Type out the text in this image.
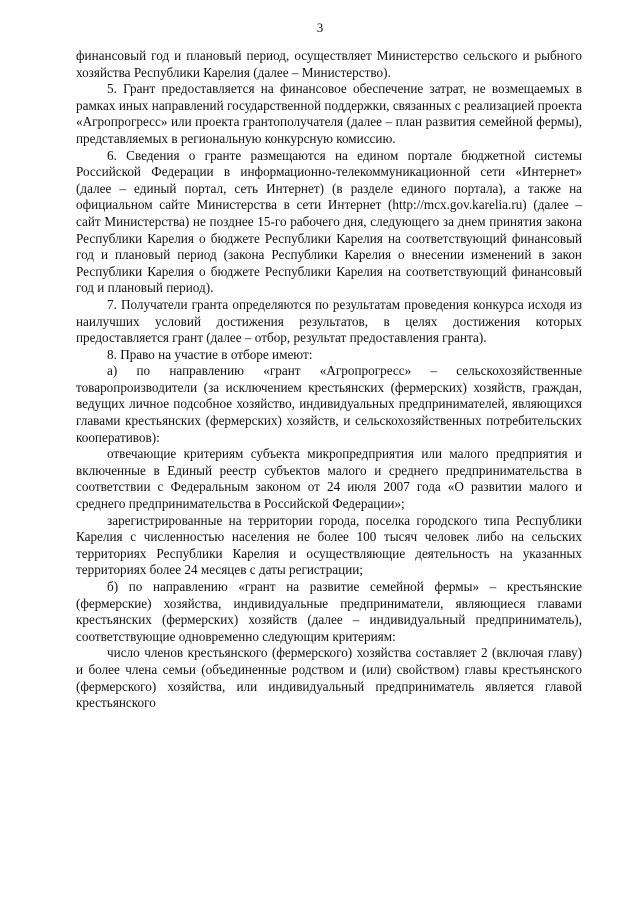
3

финансовый год и плановый период, осуществляет Министерство сельского и рыбного хозяйства Республики Карелия (далее – Министерство).

5. Грант предоставляется на финансовое обеспечение затрат, не возмещаемых в рамках иных направлений государственной поддержки, связанных с реализацией проекта «Агропрогресс» или проекта грантополучателя (далее – план развития семейной фермы), представляемых в региональную конкурсную комиссию.

6. Сведения о гранте размещаются на едином портале бюджетной системы Российской Федерации в информационно-телекоммуникационной сети «Интернет» (далее – единый портал, сеть Интернет) (в разделе единого портала), а также на официальном сайте Министерства в сети Интернет (http://mcx.gov.karelia.ru) (далее – сайт Министерства) не позднее 15-го рабочего дня, следующего за днем принятия закона Республики Карелия о бюджете Республики Карелия на соответствующий финансовый год и плановый период (закона Республики Карелия о внесении изменений в закон Республики Карелия о бюджете Республики Карелия на соответствующий финансовый год и плановый период).

7. Получатели гранта определяются по результатам проведения конкурса исходя из наилучших условий достижения результатов, в целях достижения которых предоставляется грант (далее – отбор, результат предоставления гранта).

8. Право на участие в отборе имеют:

а) по направлению «грант «Агропрогресс» – сельскохозяйственные товаропроизводители (за исключением крестьянских (фермерских) хозяйств, граждан, ведущих личное подсобное хозяйство, индивидуальных предпринимателей, являющихся главами крестьянских (фермерских) хозяйств, и сельскохозяйственных потребительских кооперативов):

отвечающие критериям субъекта микропредприятия или малого предприятия и включенные в Единый реестр субъектов малого и среднего предпринимательства в соответствии с Федеральным законом от 24 июля 2007 года «О развитии малого и среднего предпринимательства в Российской Федерации»;

зарегистрированные на территории города, поселка городского типа Республики Карелия с численностью населения не более 100 тысяч человек либо на сельских территориях Республики Карелия и осуществляющие деятельность на указанных территориях более 24 месяцев с даты регистрации;

б) по направлению «грант на развитие семейной фермы» – крестьянские (фермерские) хозяйства, индивидуальные предприниматели, являющиеся главами крестьянских (фермерских) хозяйств (далее – индивидуальный предприниматель), соответствующие одновременно следующим критериям:

число членов крестьянского (фермерского) хозяйства составляет 2 (включая главу) и более члена семьи (объединенные родством и (или) свойством) главы крестьянского (фермерского) хозяйства, или индивидуальный предприниматель является главой крестьянского
